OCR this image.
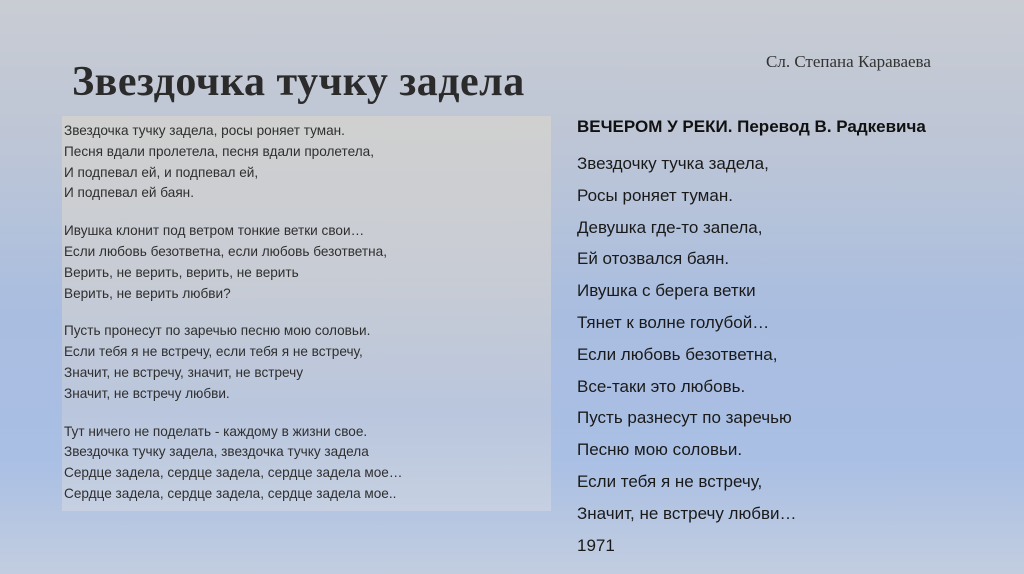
Звездочка тучку задела	Сл. Степана Караваева
Звездочка тучку задела, росы роняет туман.
Песня вдали пролетела, песня вдали пролетела,
И подпевал ей, и подпевал ей,
И подпевал ей баян.
Ивушка клонит под ветром тонкие ветки свои…
Если любовь безответна, если любовь безответна,
Верить, не верить, верить, не верить
Верить, не верить любви?
Пусть пронесут по заречью песню мою соловьи.
Если тебя я не встречу, если тебя я не встречу,
Значит, не встречу, значит, не встречу
Значит, не встречу любви.
Тут ничего не поделать - каждому в жизни свое.
Звездочка тучку задела, звездочка тучку задела
Сердце задела, сердце задела, сердце задела мое…
Сердце задела, сердце задела, сердце задела мое..
ВЕЧЕРОМ У РЕКИ. Перевод В. Радкевича
Звездочку тучка задела,
Росы роняет туман.
Девушка где-то запела,
Ей отозвался баян.
Ивушка с берега ветки
Тянет к волне голубой…
Если любовь безответна,
Все-таки это любовь.
Пусть разнесут по заречью
Песню мою соловьи.
Если тебя я не встречу,
Значит, не встречу любви…
1971
